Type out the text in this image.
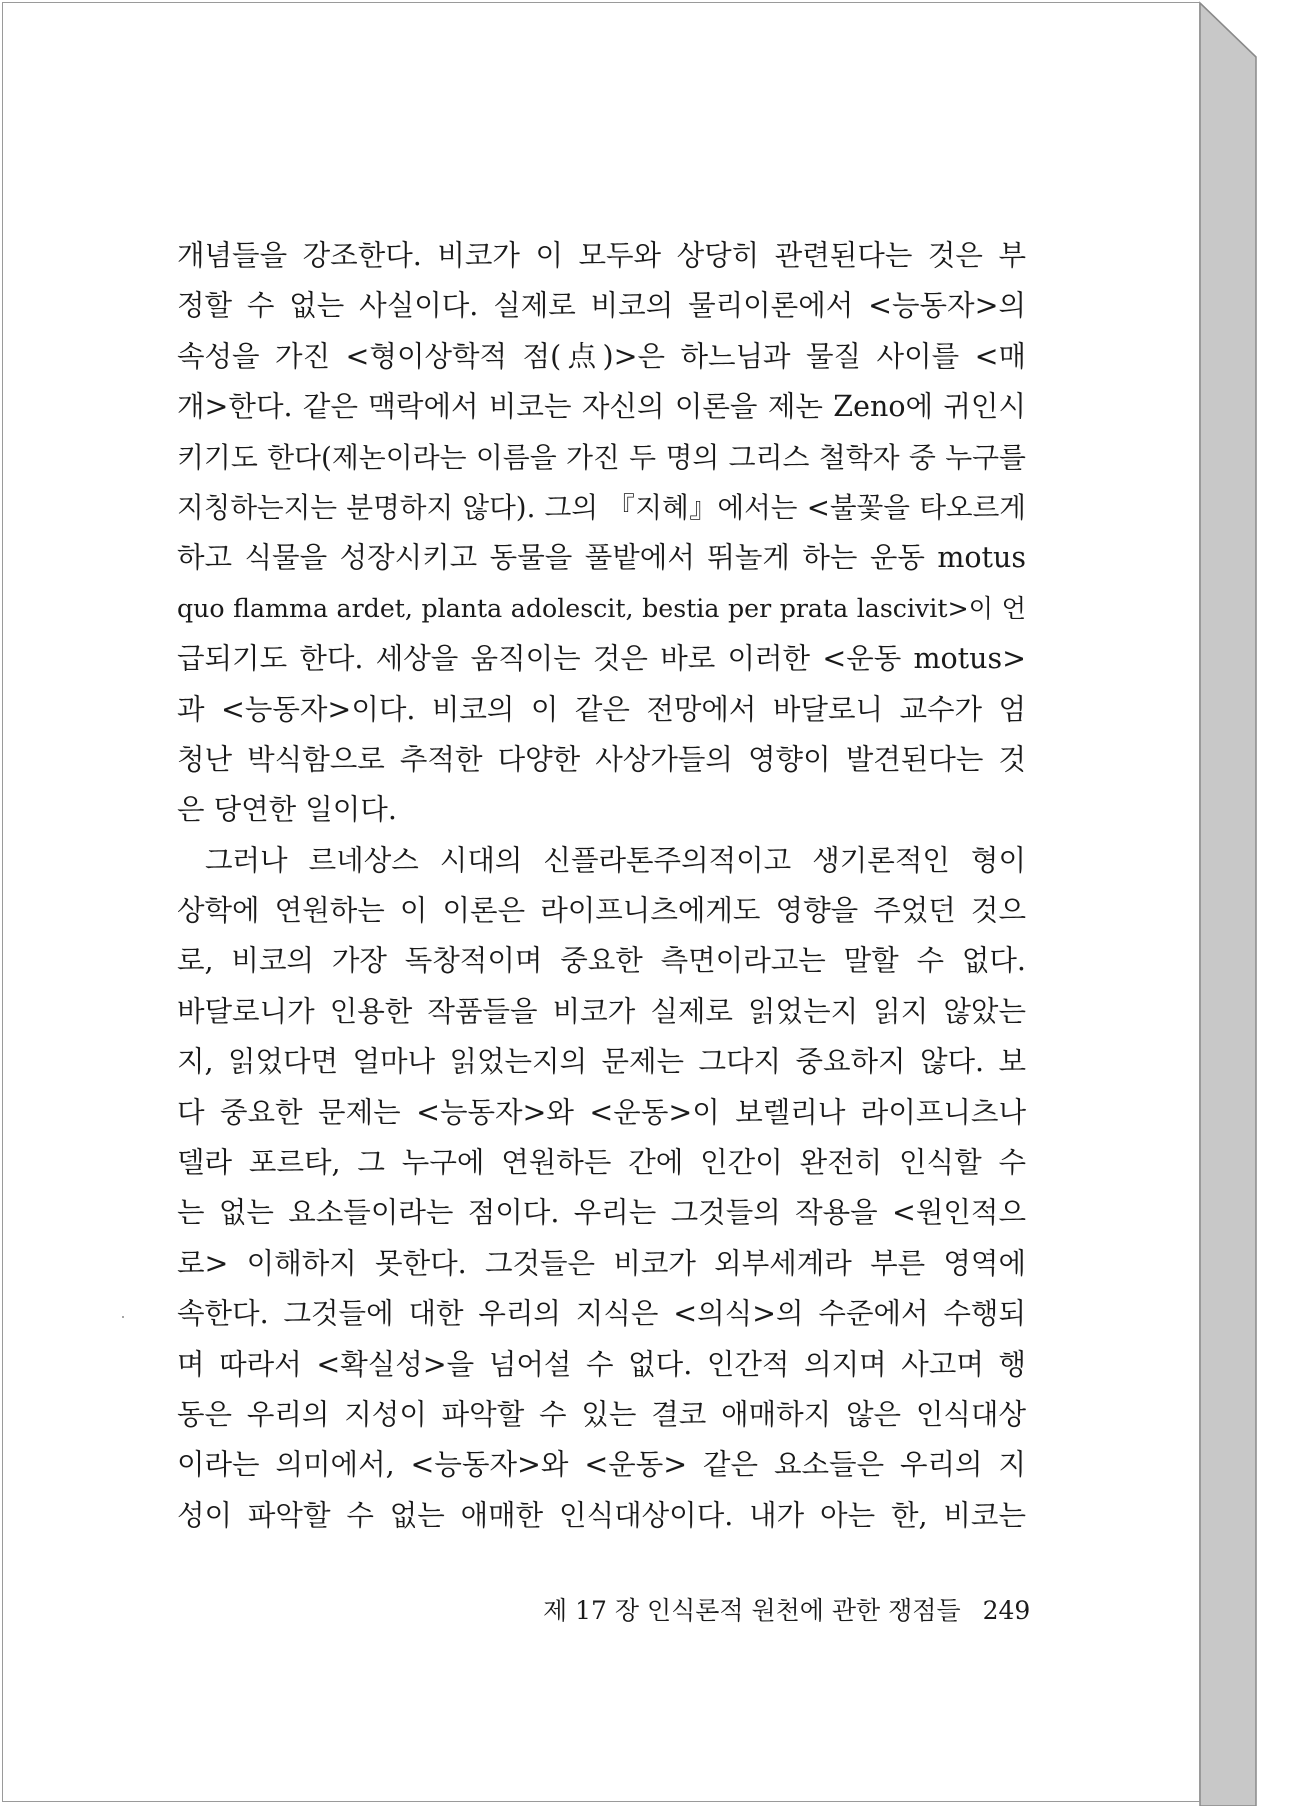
개념들을 강조한다. 비코가 이 모두와 상당히 관련된다는 것은 부
정할 수 없는 사실이다. 실제로 비코의 물리이론에서 <능동자>의
속성을 가진 <형이상학적 점(点)>은 하느님과 물질 사이를 <매
개>한다. 같은 맥락에서 비코는 자신의 이론을 제논 Zeno에 귀인시
키기도 한다(제논이라는 이름을 가진 두 명의 그리스 철학자 중 누구를
지칭하는지는 분명하지 않다). 그의 『지혜』에서는 <불꽃을 타오르게
하고 식물을 성장시키고 동물을 풀밭에서 뛰놀게 하는 운동 motus
quo flamma ardet, planta adolescit, bestia per prata lascivit>이 언
급되기도 한다. 세상을 움직이는 것은 바로 이러한 <운동 motus>
과 <능동자>이다. 비코의 이 같은 전망에서 바달로니 교수가 엄
청난 박식함으로 추적한 다양한 사상가들의 영향이 발견된다는 것
은 당연한 일이다.
그러나 르네상스 시대의 신플라톤주의적이고 생기론적인 형이
상학에 연원하는 이 이론은 라이프니츠에게도 영향을 주었던 것으
로, 비코의 가장 독창적이며 중요한 측면이라고는 말할 수 없다.
바달로니가 인용한 작품들을 비코가 실제로 읽었는지 읽지 않았는
지, 읽었다면 얼마나 읽었는지의 문제는 그다지 중요하지 않다. 보
다 중요한 문제는 <능동자>와 <운동>이 보렐리나 라이프니츠나
델라 포르타, 그 누구에 연원하든 간에 인간이 완전히 인식할 수
는 없는 요소들이라는 점이다. 우리는 그것들의 작용을 <원인적으
로> 이해하지 못한다. 그것들은 비코가 외부세계라 부른 영역에
속한다. 그것들에 대한 우리의 지식은 <의식>의 수준에서 수행되
며 따라서 <확실성>을 넘어설 수 없다. 인간적 의지며 사고며 행
동은 우리의 지성이 파악할 수 있는 결코 애매하지 않은 인식대상
이라는 의미에서, <능동자>와 <운동> 같은 요소들은 우리의 지
성이 파악할 수 없는 애매한 인식대상이다. 내가 아는 한, 비코는
제 17 장 인식론적 원천에 관한 쟁점들 249
